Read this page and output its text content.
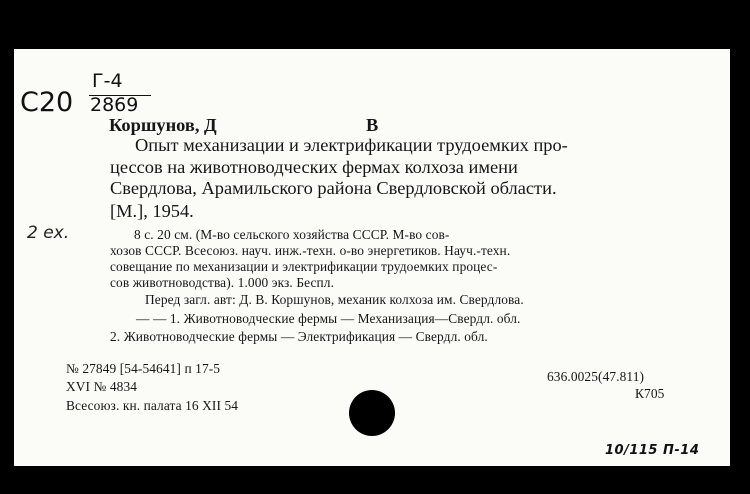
С20
Г-4
2869
Коршунов, Д	В
Опыт механизации и электрификации трудоемких про-
цессов на животноводческих фермах колхоза имени
Свердлова, Арамильского района Свердловской области.
[М.], 1954.
2 ех.	8 с. 20 см. (М-во сельского хозяйства СССР. М-во сов-
хозов СССР. Всесоюз. науч. инж.-техн. о-во энергетиков. Науч.-техн.
совещание по механизации и электрификации трудоемких процес-
сов животноводства). 1.000 экз. Беспл.
Перед загл. авт: Д. В. Коршунов, механик колхоза им. Свердлова.
— — 1. Животноводческие фермы — Механизация—Свердл. обл.
2. Животноводческие фермы — Электрификация — Свердл. обл.
№ 27849 [54-54641] п 17-5
XVI № 4834
Всесоюз. кн. палата 16 XII 54
636.0025(47.811)
К705
10/115 П-14
